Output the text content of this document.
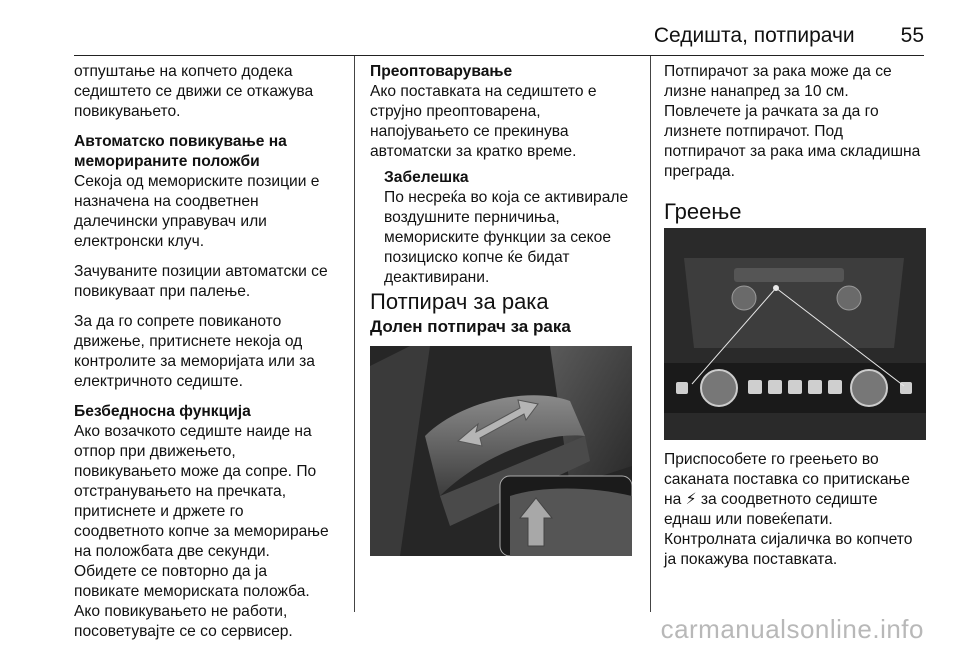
Седишта, потпирачи 55

отпуштање на копчето додека

седиштето се движи се откажува

повикувањето.

Автоматско повикување на

меморираните положби

Секоја од мемориските позиции е

назначена на соодветнен

далечински управувач или

електронски клуч.

Зачуваните позиции автоматски се

повикуваат при палење.

За да го сопрете повиканото

движење, притиснете некоја од

контролите за меморијата или за

електричното седиште.

Безбедносна функција

Ако возачкото седиште наиде на

отпор при движењето,

повикувањето може да сопре. По

отстранувањето на пречката,

притиснете и држете го

соодветното копче за меморирање

на положбата две секунди.

Обидете се повторно да ја

повикате мемориската положба.

Ако повикувањето не работи,

посоветувајте се со сервисер.

Преоптоварување

Ако поставката на седиштето е

струјно преоптоварена,

напојувањето се прекинува

автоматски за кратко време.

Забелешка

По несреќа во која се активирале

воздушните перничиња,

мемориските функции за секое

позициско копче ќе бидат

деактивирани.

Потпирач за рака

Долен потпирач за рака

Потпирачот за рака може да се

лизне нанапред за 10 см.

Повлечете ја рачката за да го

лизнете потпирачот. Под

потпирачот за рака има складишна

преграда.

Греење

Приспособете го греењето во

саканата поставка со притискање

на ⚡ за соодветното седиште

еднаш или повеќепати.

Контролната сијаличка во копчето

ја покажува поставката.

carmanualsonline.info
